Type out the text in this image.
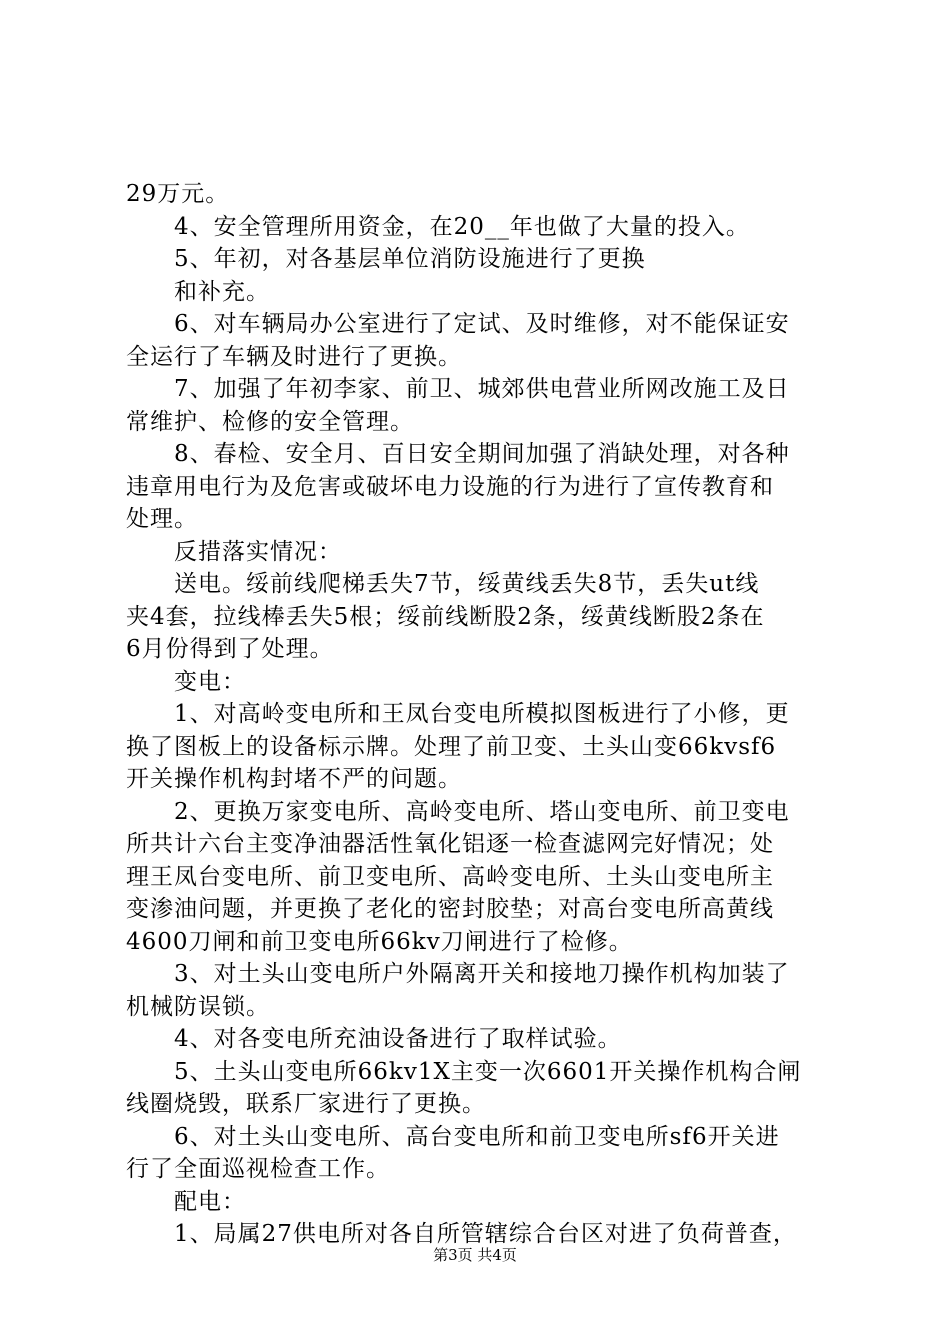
29万元。
4、安全管理所用资金，在20__年也做了大量的投入。
5、年初，对各基层单位消防设施进行了更换
和补充。
6、对车辆局办公室进行了定试、及时维修，对不能保证安
全运行了车辆及时进行了更换。
7、加强了年初李家、前卫、城郊供电营业所网改施工及日
常维护、检修的安全管理。
8、春检、安全月、百日安全期间加强了消缺处理，对各种
违章用电行为及危害或破坏电力设施的行为进行了宣传教育和
处理。
反措落实情况：
送电。绥前线爬梯丢失7节，绥黄线丢失8节，丢失ut线
夹4套，拉线棒丢失5根；绥前线断股2条，绥黄线断股2条在
6月份得到了处理。
变电：
1、对高岭变电所和王凤台变电所模拟图板进行了小修，更
换了图板上的设备标示牌。处理了前卫变、土头山变66kvsf6
开关操作机构封堵不严的问题。
2、更换万家变电所、高岭变电所、塔山变电所、前卫变电
所共计六台主变净油器活性氧化铝逐一检查滤网完好情况；处
理王凤台变电所、前卫变电所、高岭变电所、土头山变电所主
变渗油问题，并更换了老化的密封胶垫；对高台变电所高黄线
4600刀闸和前卫变电所66kv刀闸进行了检修。
3、对土头山变电所户外隔离开关和接地刀操作机构加装了
机械防误锁。
4、对各变电所充油设备进行了取样试验。
5、土头山变电所66kv1X主变一次6601开关操作机构合闸
线圈烧毁，联系厂家进行了更换。
6、对土头山变电所、高台变电所和前卫变电所sf6开关进
行了全面巡视检查工作。
配电：
1、局属27供电所对各自所管辖综合台区对进了负荷普查，
第3页 共4页
